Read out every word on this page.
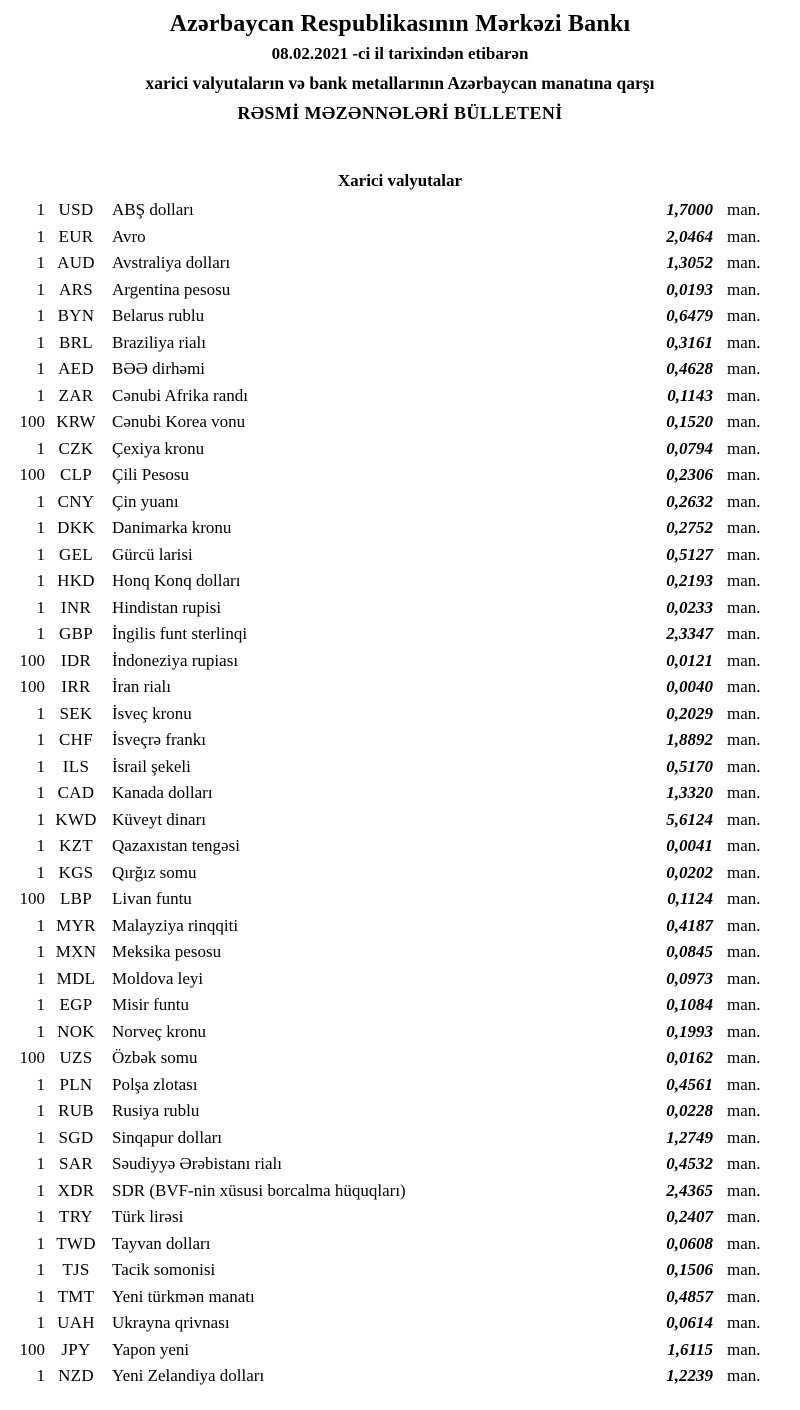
Azərbaycan Respublikasının Mərkəzi Bankı
08.02.2021 -ci il tarixindən etibarən
xarici valyutaların və bank metallarının Azərbaycan manatına qarşı
RƏSMİ MƏZƏNNƏLƏRİ BÜLLETENİ
Xarici valyutalar
1 USD	ABŞ dolları	1,7000 man.
1 EUR	Avro	2,0464 man.
1 AUD	Avstraliya dolları	1,3052 man.
1 ARS	Argentina pesosu	0,0193 man.
1 BYN	Belarus rublu	0,6479 man.
1 BRL	Braziliya rialı	0,3161 man.
1 AED	BƏƏ dirhəmi	0,4628 man.
1 ZAR	Cənubi Afrika randı	0,1143 man.
100 KRW Cənubi Korea vonu	0,1520 man.
1 CZK	Çexiya kronu	0,0794 man.
100 CLP	Çili Pesosu	0,2306 man.
1 CNY	Çin yuanı	0,2632 man.
1 DKK	Danimarka kronu	0,2752 man.
1 GEL	Gürcü larisi	0,5127 man.
1 HKD	Honq Konq dolları	0,2193 man.
1 INR	Hindistan rupisi	0,0233 man.
1 GBP	İngilis funt sterlinqi	2,3347 man.
100 IDR	İndoneziya rupiası	0,0121 man.
100 IRR	İran rialı	0,0040 man.
1 SEK	İsveç kronu	0,2029 man.
1 CHF	İsveçrə frankı	1,8892 man.
1	ILS	İsrail şekeli	0,5170 man.
1 CAD	Kanada dolları	1,3320 man.
1 KWD Küveyt dinarı	5,6124 man.
1 KZT	Qazaxıstan tengəsi	0,0041 man.
1 KGS	Qırğız somu	0,0202 man.
100 LBP	Livan funtu	0,1124 man.
1 MYR Malayziya rinqqiti	0,4187 man.
1 MXN Meksika pesosu	0,0845 man.
1 MDL Moldova leyi	0,0973 man.
1 EGP	Misir funtu	0,1084 man.
1 NOK	Norveç kronu	0,1993 man.
100 UZS	Özbək somu	0,0162 man.
1 PLN	Polşa zlotası	0,4561 man.
1 RUB	Rusiya rublu	0,0228 man.
1 SGD	Sinqapur dolları	1,2749 man.
1 SAR	Səudiyyə Ərəbistanı rialı	0,4532 man.
1 XDR	SDR (BVF-nin xüsusi borcalma hüquqları)	2,4365 man.
1 TRY	Türk lirəsi	0,2407 man.
1 TWD Tayvan dolları	0,0608 man.
1	TJS	Tacik somonisi	0,1506 man.
1 TMT	Yeni türkmən manatı	0,4857 man.
1 UAH	Ukrayna qrivnası	0,0614 man.
100 JPY	Yapon yeni	1,6115 man.
1 NZD	Yeni Zelandiya dolları	1,2239 man.
